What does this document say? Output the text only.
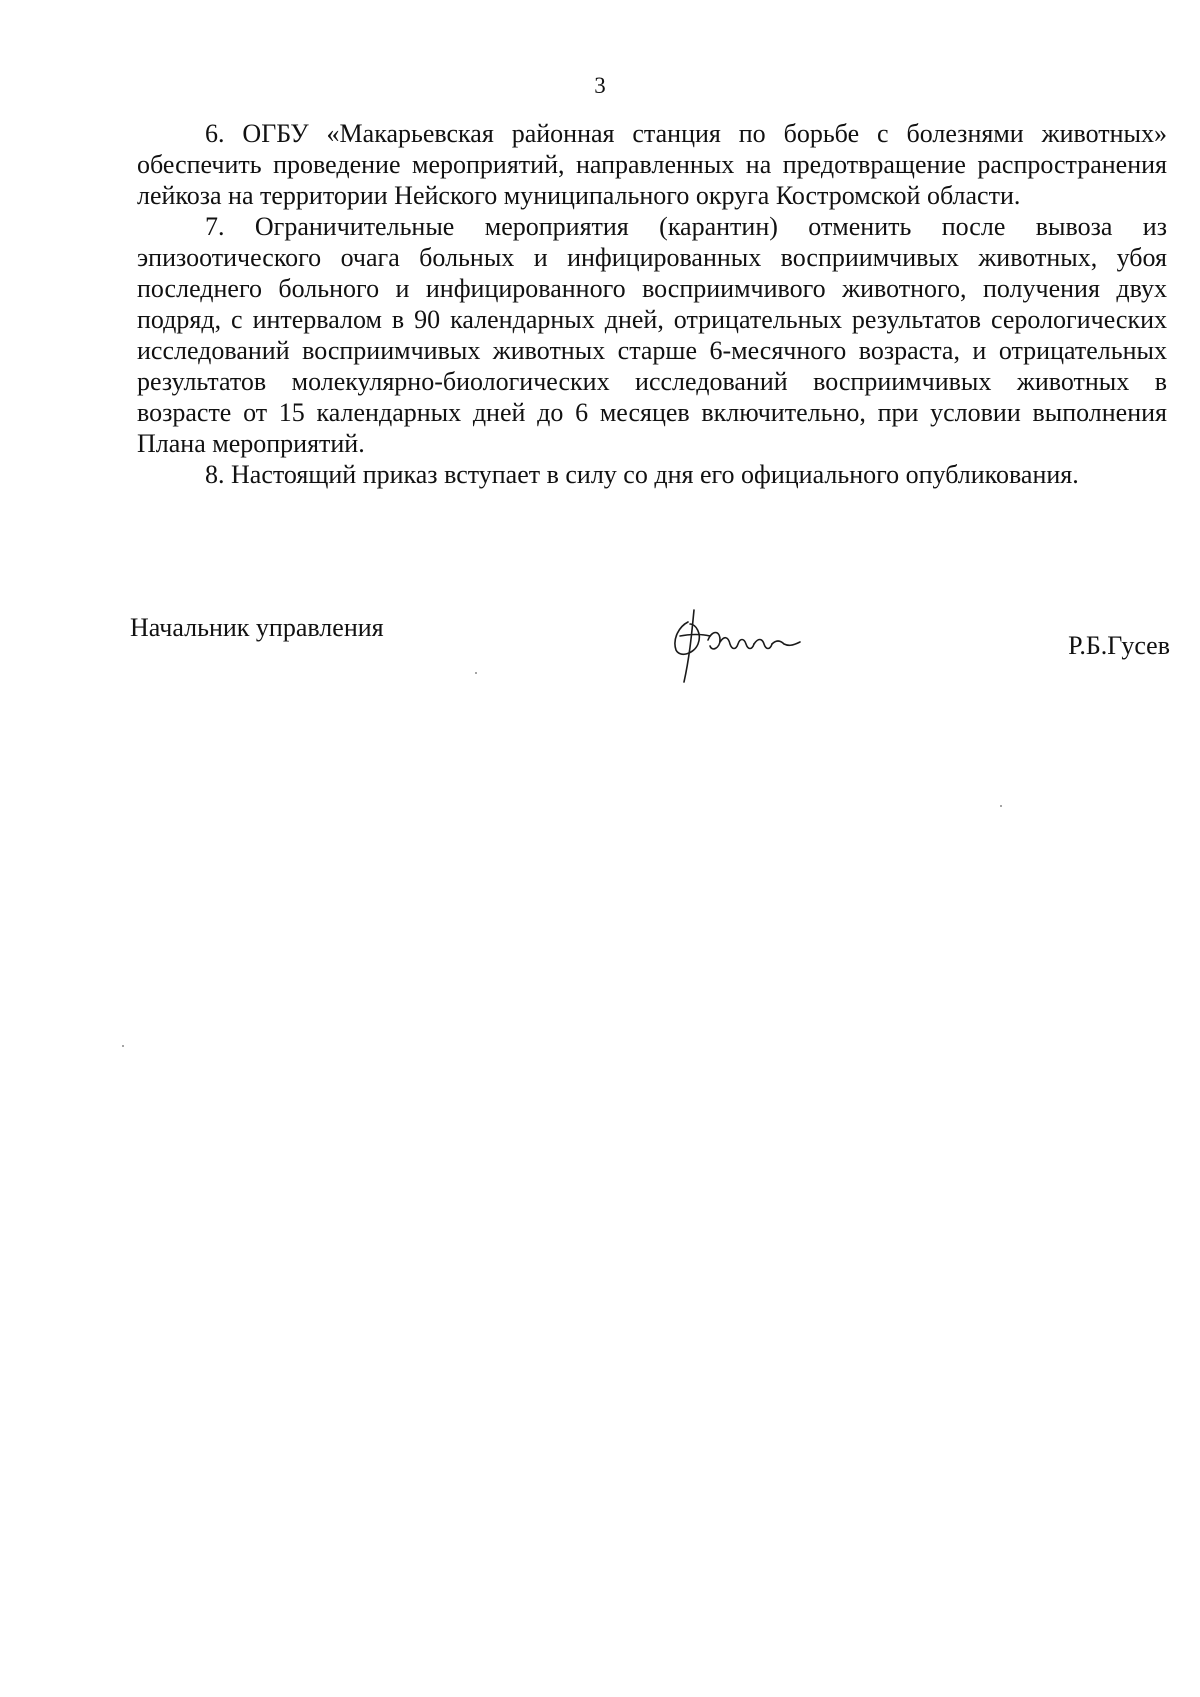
3

6. ОГБУ «Макарьевская районная станция по борьбе с болезнями животных» обеспечить проведение мероприятий, направленных на предотвращение распространения лейкоза на территории Нейского муниципального округа Костромской области.

7. Ограничительные мероприятия (карантин) отменить после вывоза из эпизоотического очага больных и инфицированных восприимчивых животных, убоя последнего больного и инфицированного восприимчивого животного, получения двух подряд, с интервалом в 90 календарных дней, отрицательных результатов серологических исследований восприимчивых животных старше 6-месячного возраста, и отрицательных результатов молекулярно-биологических исследований восприимчивых животных в возрасте от 15 календарных дней до 6 месяцев включительно, при условии выполнения Плана мероприятий.

8. Настоящий приказ вступает в силу со дня его официального опубликования.

Начальник управления
Р.Б.Гусев
